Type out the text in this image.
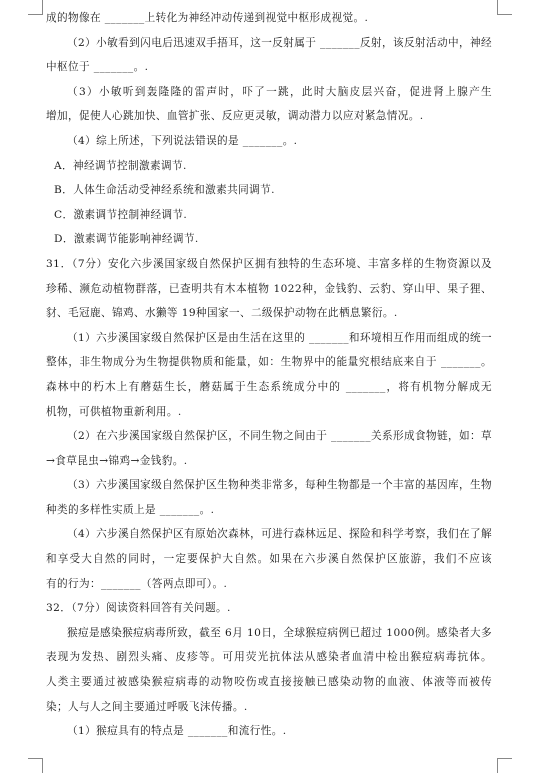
成的物像在 _______上转化为神经冲动传递到视觉中枢形成视觉。.
（2）小敏看到闪电后迅速双手捂耳，这一反射属于 _______反射，该反射活动中，神经
中枢位于 _______。.
（3）小敏听到轰隆隆的雷声时，吓了一跳，此时大脑皮层兴奋，促进肾上腺产生
增加，促使人心跳加快、血管扩张、反应更灵敏，调动潜力以应对紧急情况。.
（4）综上所述，下列说法错误的是 _______。.
A．神经调节控制激素调节.
B．人体生命活动受神经系统和激素共同调节.
C．激素调节控制神经调节.
D．激素调节能影响神经调节.
31．（7分）安化六步溪国家级自然保护区拥有独特的生态环境、丰富多样的生物资源以及
珍稀、濒危动植物群落，已查明共有木本植物 1022种，金钱豹、云豹、穿山甲、果子狸、
豺、毛冠鹿、锦鸡、水獭等 19种国家一、二级保护动物在此栖息繁衍。.
（1）六步溪国家级自然保护区是由生活在这里的 _______和环境相互作用而组成的统一
整体，非生物成分为生物提供物质和能量，如：生物界中的能量究根结底来自于 _______。
森林中的朽木上有蘑菇生长，蘑菇属于生态系统成分中的 _______，将有机物分解成无
机物，可供植物重新利用。.
（2）在六步溪国家级自然保护区，不同生物之间由于 _______关系形成食物链，如：草
→食草昆虫→锦鸡→金钱豹。.
（3）六步溪国家级自然保护区生物种类非常多，每种生物都是一个丰富的基因库，生物
种类的多样性实质上是 _______。.
（4）六步溪自然保护区有原始次森林，可进行森林远足、探险和科学考察，我们在了解
和享受大自然的同时，一定要保护大自然。如果在六步溪自然保护区旅游，我们不应该
有的行为：_______（答两点即可）。.
32．（7分）阅读资料回答有关问题。.
猴痘是感染猴痘病毒所致，截至 6月 10日，全球猴痘病例已超过 1000例。感染者大多
表现为发热、剧烈头痛、皮疹等。可用荧光抗体法从感染者血清中检出猴痘病毒抗体。
人类主要通过被感染猴痘病毒的动物咬伤或直接接触已感染动物的血液、体液等而被传
染；人与人之间主要通过呼吸飞沫传播。.
（1）猴痘具有的特点是 _______和流行性。.
